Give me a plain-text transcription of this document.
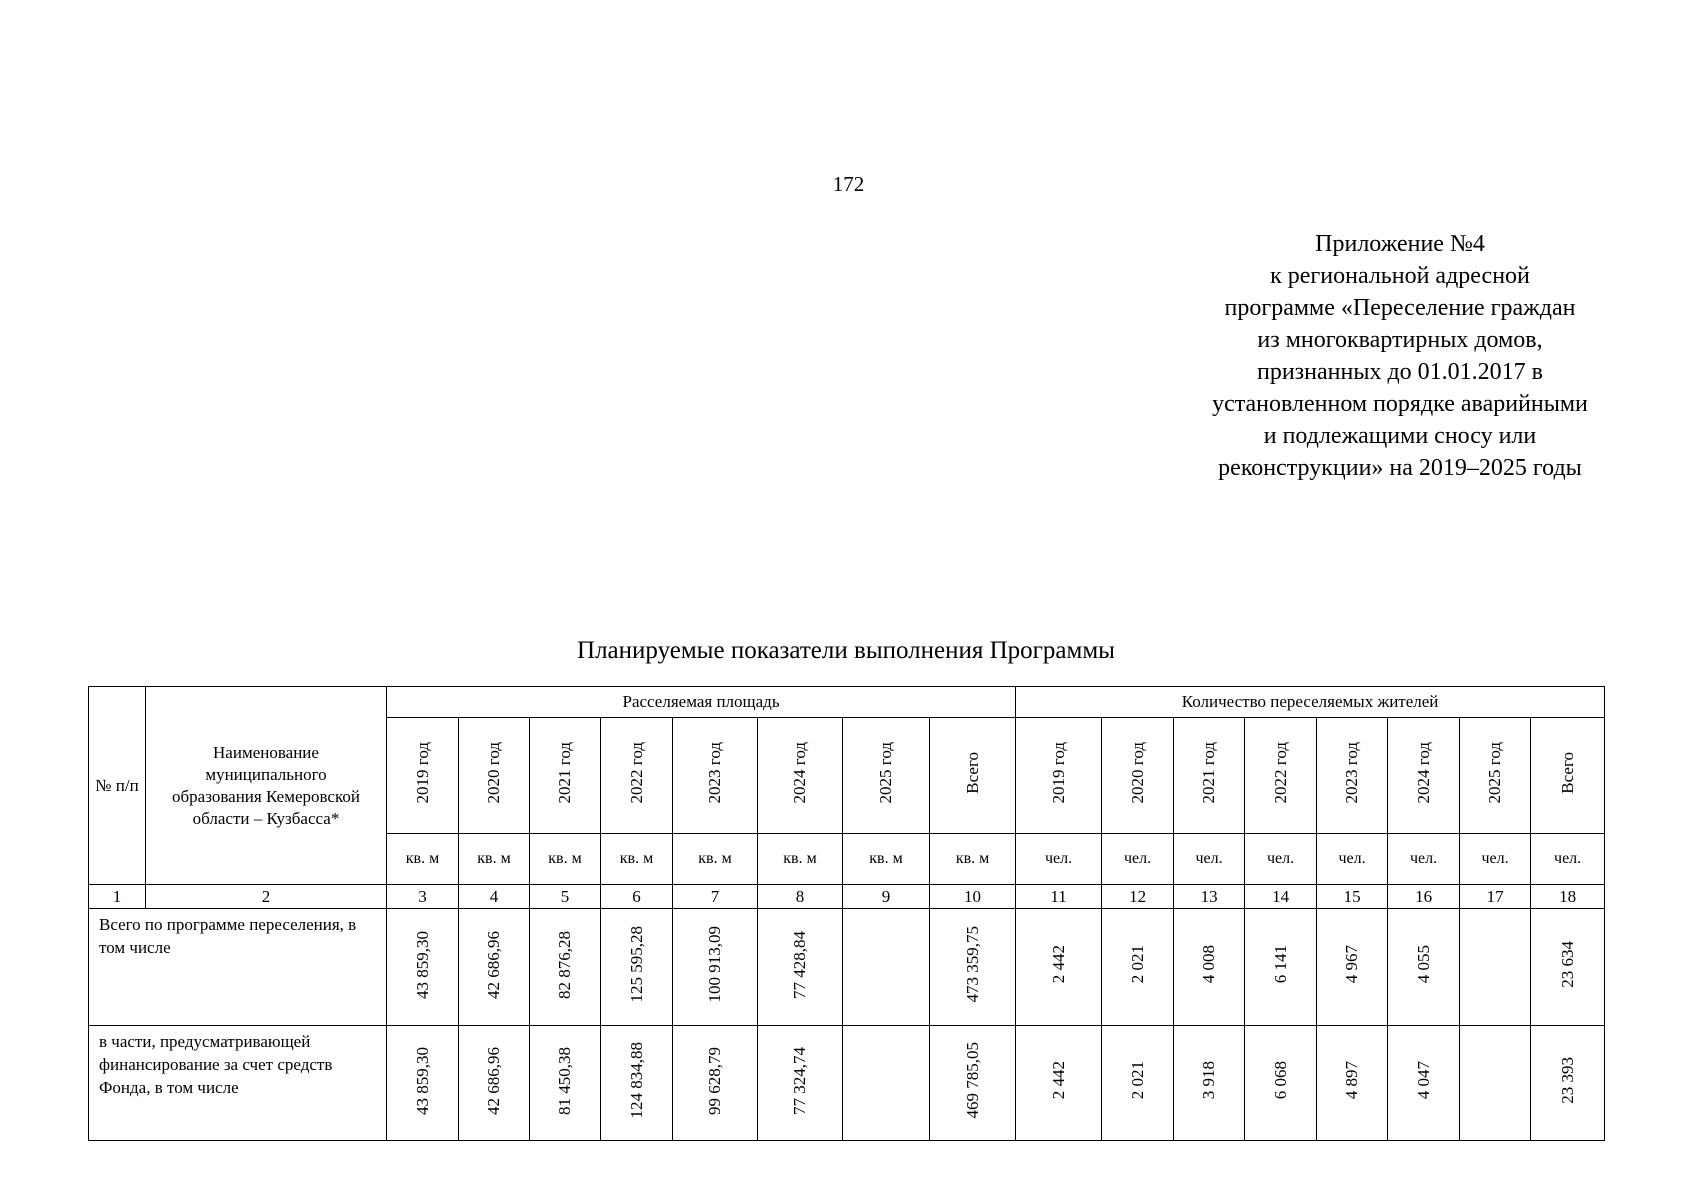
172
Приложение №4
к региональной адресной
программе «Переселение граждан
из многоквартирных домов,
признанных до 01.01.2017 в
установленном порядке аварийными
и подлежащими сносу или
реконструкции» на 2019–2025 годы
Планируемые показатели выполнения Программы
№ п/п	Наименование муниципального образования Кемеровской области – Кузбасса*	Расселяемая площадь								Количество переселяемых жителей							
		2019 год	2020 год	2021 год	2022 год	2023 год	2024 год	2025 год	Всего	2019 год	2020 год	2021 год	2022 год	2023 год	2024 год	2025 год	Всего
		кв. м	кв. м	кв. м	кв. м	кв. м	кв. м	кв. м	кв. м	чел.	чел.	чел.	чел.	чел.	чел.	чел.	чел.
1	2	3	4	5	6	7	8	9	10	11	12	13	14	15	16	17	18
Всего по программе переселения, в том числе		43 859,30	42 686,96	82 876,28	125 595,28	100 913,09	77 428,84		473 359,75	2 442	2 021	4 008	6 141	4 967	4 055		23 634
в части, предусматривающей финансирование за счет средств Фонда, в том числе		43 859,30	42 686,96	81 450,38	124 834,88	99 628,79	77 324,74		469 785,05	2 442	2 021	3 918	6 068	4 897	4 047		23 393
